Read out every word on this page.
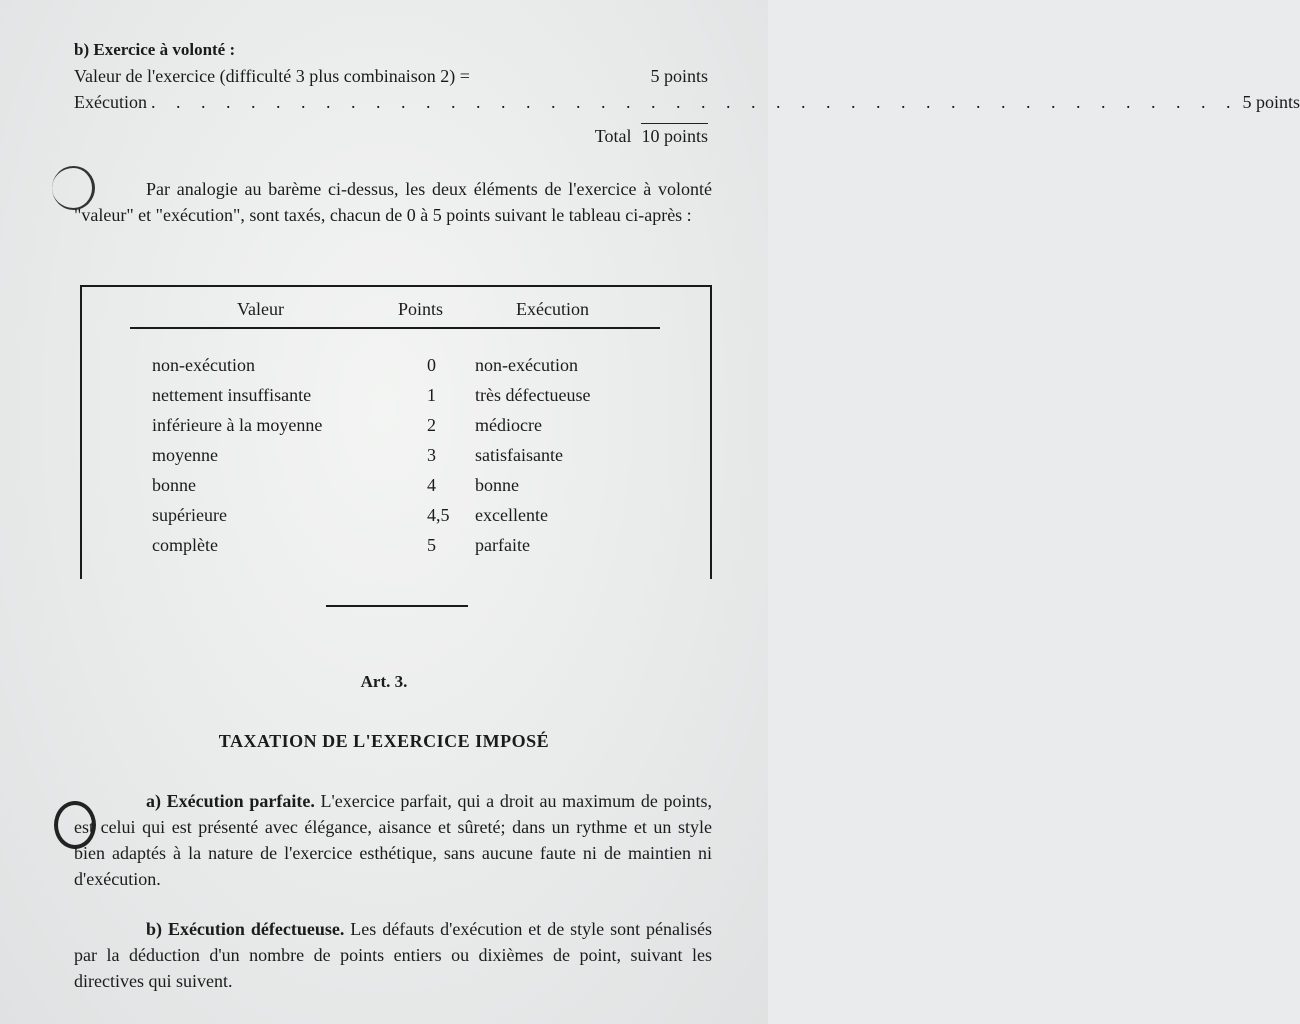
b) Exercice à volonté :
Valeur de l'exercice (difficulté 3 plus combinaison 2) =	5 points
Exécution . . . . . . . . . . . . . . . . . . . . . . . . . . . . . . . . . . . . . . . . . . . . 5 points
Total 10 points
Par analogie au barème ci-dessus, les deux éléments de l'exercice à volonté "valeur" et "exécution", sont taxés, chacun de 0 à 5 points suivant le tableau ci-après :
Valeur	Points	Exécution
non-exécution	0 non-exécution
nettement insuffisante	1 très défectueuse
inférieure à la moyenne	2 médiocre
moyenne	3 satisfaisante
bonne	4 bonne
supérieure	4,5 excellente
complète	5 parfaite
Art. 3.
TAXATION DE L'EXERCICE IMPOSÉ
a) Exécution parfaite. L'exercice parfait, qui a droit au maximum de points, est celui qui est présenté avec élégance, aisance et sûreté; dans un rythme et un style bien adaptés à la nature de l'exercice esthétique, sans aucune faute ni de maintien ni d'exécution.
b) Exécution défectueuse. Les défauts d'exécution et de style sont pénalisés par la déduction d'un nombre de points entiers ou dixièmes de point, suivant les directives qui suivent.
